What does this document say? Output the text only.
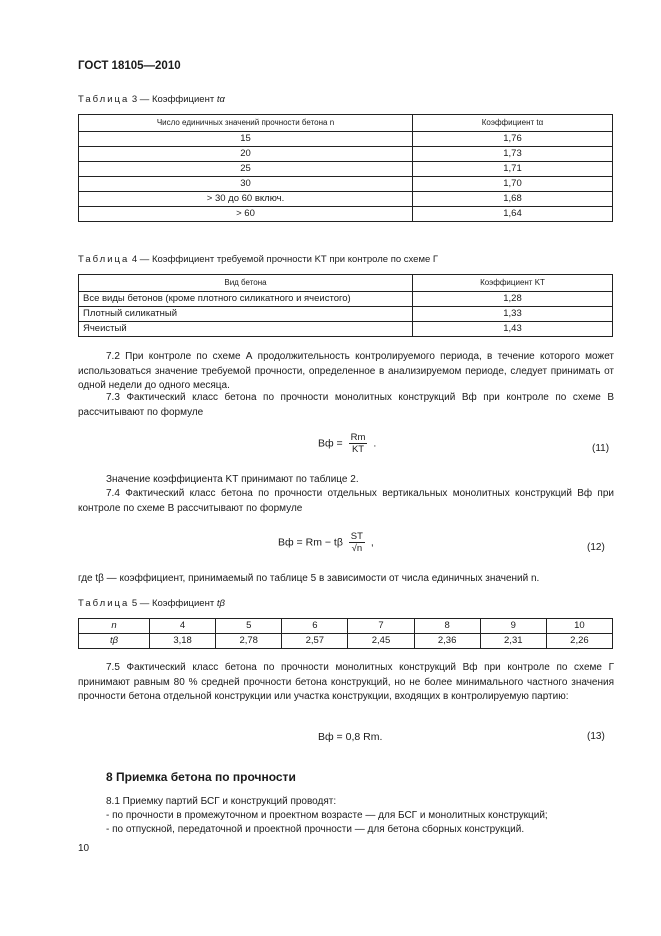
ГОСТ 18105—2010
Таблица 3 — Коэффициент tα
Число единичных значений прочности бетона n	Коэффициент tα
15	1,76
20	1,73
25	1,71
30	1,70
> 30 до 60 включ.	1,68
> 60	1,64
Таблица 4 — Коэффициент требуемой прочности KТ при контроле по схеме Г
Вид бетона	Коэффициент KТ
Все виды бетонов (кроме плотного силикатного и ячеистого)	1,28
Плотный силикатный	1,33
Ячеистый	1,43
7.2 При контроле по схеме А продолжительность контролируемого периода, в течение которого может использоваться значение требуемой прочности, определенное в анализируемом периоде, следует принимать от одной недели до одного месяца.
7.3 Фактический класс бетона по прочности монолитных конструкций Bф при контроле по схеме В рассчитывают по формуле
Bф = $\frac{Rm}{KТ}$ .	(11)
Значение коэффициента KТ принимают по таблице 2.
7.4 Фактический класс бетона по прочности отдельных вертикальных монолитных конструкций Bф при контроле по схеме В рассчитывают по формуле
Bф = Rm − tβ $\frac{SТ}{√n}$ ,	(12)
где tβ — коэффициент, принимаемый по таблице 5 в зависимости от числа единичных значений n.
Таблица 5 — Коэффициент tβ
n	4	5	6	7	8	9	10
tβ	3,18	2,78	2,57	2,45	2,36	2,31	2,26
7.5 Фактический класс бетона по прочности монолитных конструкций Bф при контроле по схеме Г принимают равным 80 % средней прочности бетона конструкций, но не более минимального частного значения прочности бетона отдельной конструкции или участка конструкции, входящих в контролируемую партию:
Bф = 0,8 Rm.	(13)
8 Приемка бетона по прочности
8.1 Приемку партий БСГ и конструкций проводят:
- по прочности в промежуточном и проектном возрасте — для БСГ и монолитных конструкций;
- по отпускной, передаточной и проектной прочности — для бетона сборных конструкций.
10
